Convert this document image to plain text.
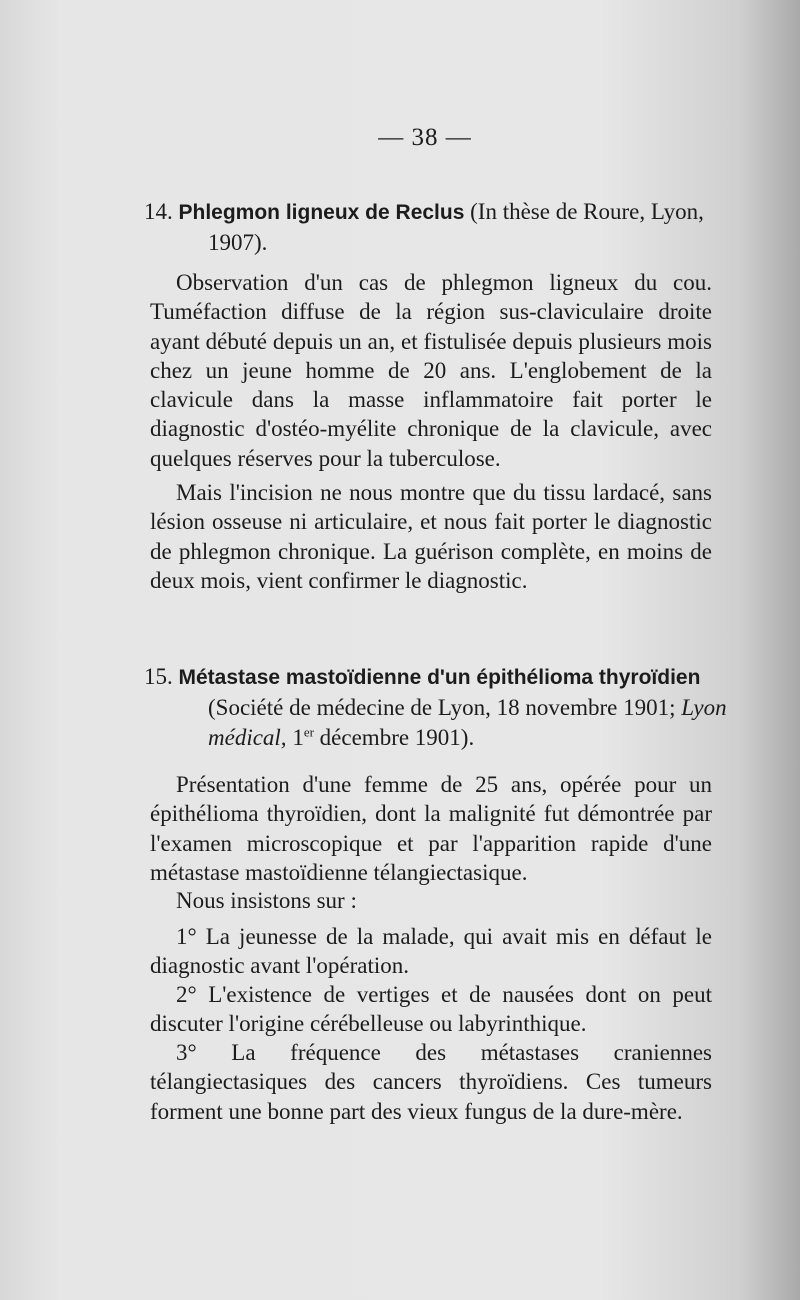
— 38 —
14. Phlegmon ligneux de Reclus (In thèse de Roure, Lyon,
1907).

Observation d'un cas de phlegmon ligneux du cou. Tuméfaction diffuse de la région sus-claviculaire droite ayant débuté depuis un an, et fistulisée depuis plusieurs mois chez un jeune homme de 20 ans. L'englobement de la clavicule dans la masse inflammatoire fait porter le diagnostic d'ostéo-myélite chronique de la clavicule, avec quelques réserves pour la tuberculose.

Mais l'incision ne nous montre que du tissu lardacé, sans lésion osseuse ni articulaire, et nous fait porter le diagnostic de phlegmon chronique. La guérison complète, en moins de deux mois, vient confirmer le diagnostic.

15. Métastase mastoïdienne d'un épithélioma thyroïdien
(Société de médecine de Lyon, 18 novembre 1901; Lyon médical, 1er décembre 1901).

Présentation d'une femme de 25 ans, opérée pour un épithélioma thyroïdien, dont la malignité fut démontrée par l'examen microscopique et par l'apparition rapide d'une métastase mastoïdienne télangiectasique.

Nous insistons sur :

1° La jeunesse de la malade, qui avait mis en défaut le diagnostic avant l'opération.

2° L'existence de vertiges et de nausées dont on peut discuter l'origine cérébelleuse ou labyrinthique.

3° La fréquence des métastases craniennes télangiectasiques des cancers thyroïdiens. Ces tumeurs forment une bonne part des vieux fungus de la dure-mère.
